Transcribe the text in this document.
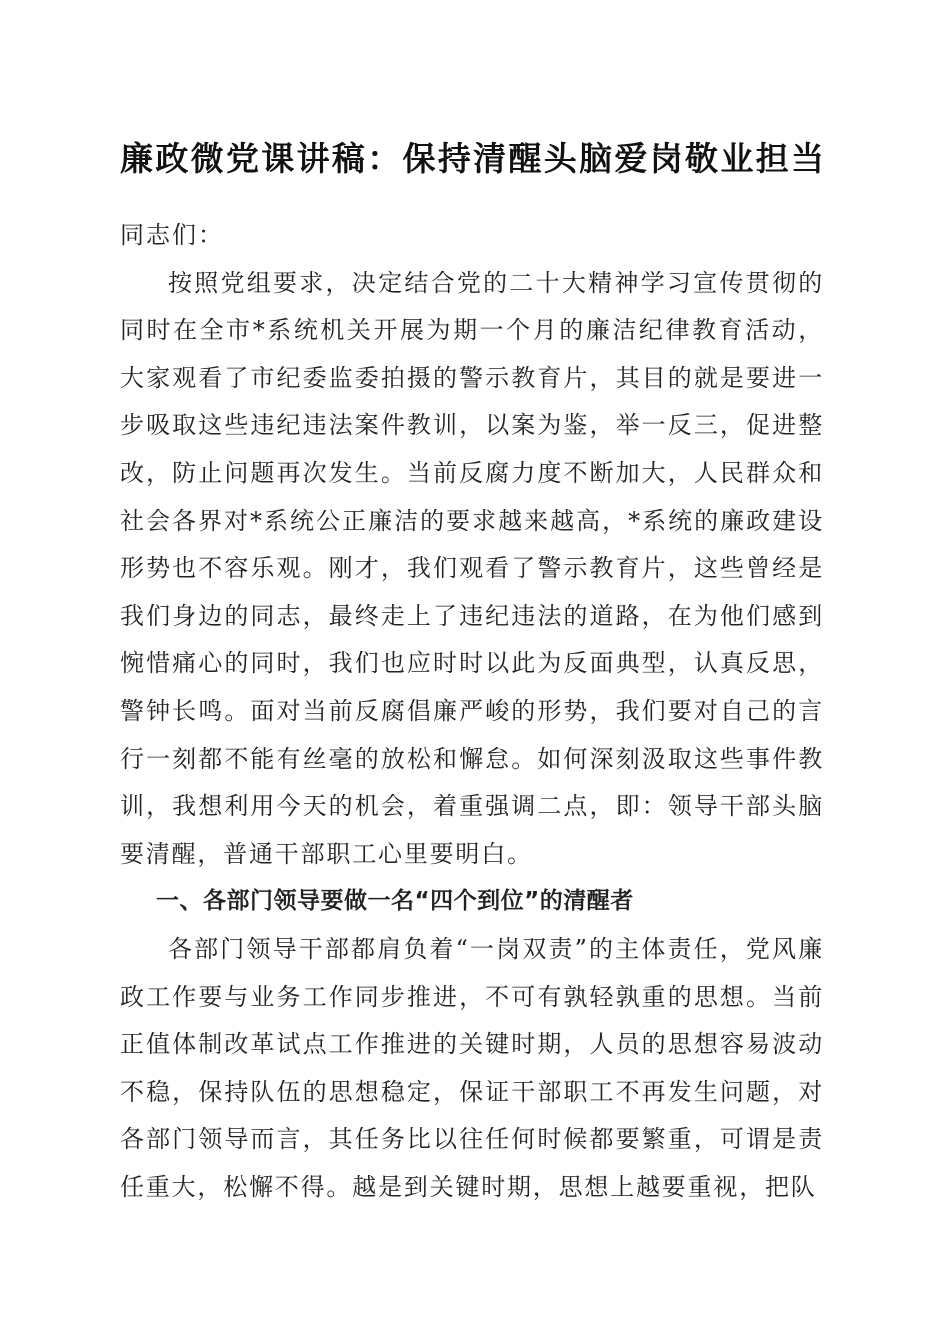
廉政微党课讲稿：保持清醒头脑爱岗敬业担当

同志们：

按照党组要求，决定结合党的二十大精神学习宣传贯彻的同时在全市*系统机关开展为期一个月的廉洁纪律教育活动，大家观看了市纪委监委拍摄的警示教育片，其目的就是要进一步吸取这些违纪违法案件教训，以案为鉴，举一反三，促进整改，防止问题再次发生。当前反腐力度不断加大，人民群众和社会各界对*系统公正廉洁的要求越来越高，*系统的廉政建设形势也不容乐观。刚才，我们观看了警示教育片，这些曾经是我们身边的同志，最终走上了违纪违法的道路，在为他们感到惋惜痛心的同时，我们也应时时以此为反面典型，认真反思，警钟长鸣。面对当前反腐倡廉严峻的形势，我们要对自己的言行一刻都不能有丝毫的放松和懈怠。如何深刻汲取这些事件教训，我想利用今天的机会，着重强调二点，即：领导干部头脑要清醒，普通干部职工心里要明白。

一、各部门领导要做一名“四个到位”的清醒者

各部门领导干部都肩负着“一岗双责”的主体责任，党风廉政工作要与业务工作同步推进，不可有孰轻孰重的思想。当前正值体制改革试点工作推进的关键时期，人员的思想容易波动不稳，保持队伍的思想稳定，保证干部职工不再发生问题，对各部门领导而言，其任务比以往任何时候都要繁重，可谓是责任重大，松懈不得。越是到关键时期，思想上越要重视，把队
